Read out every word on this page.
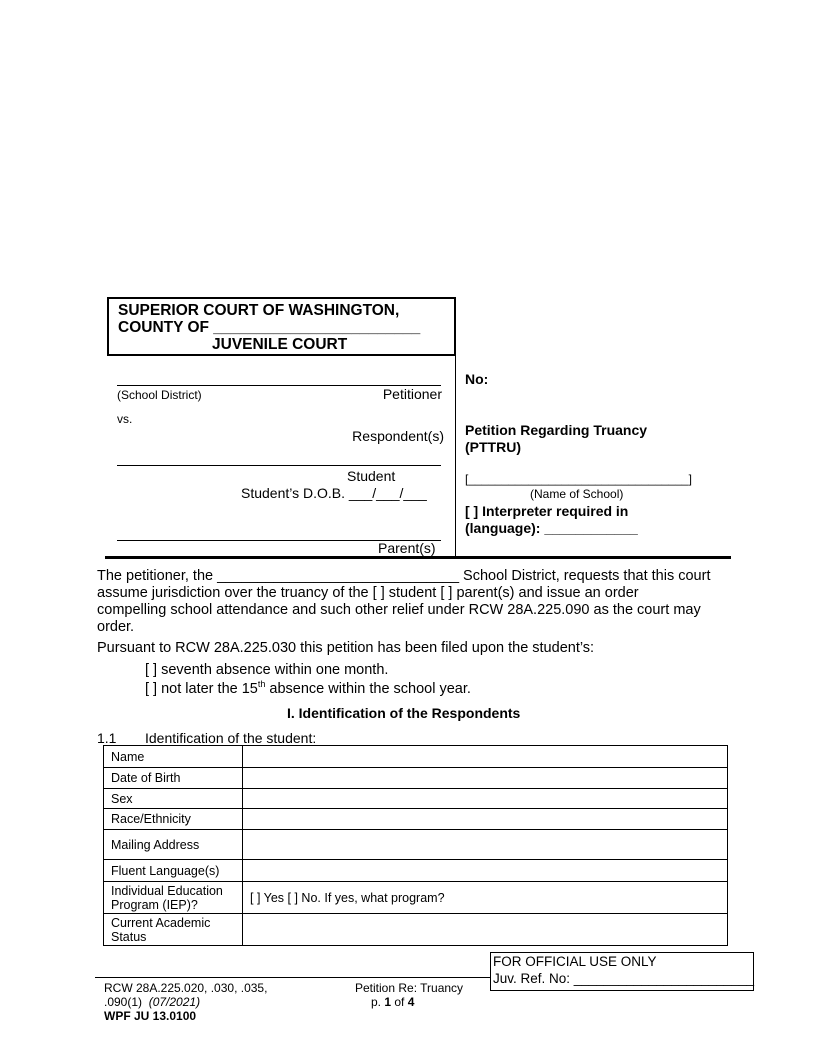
SUPERIOR COURT OF WASHINGTON,
COUNTY OF ________________________
JUVENILE COURT
(School District)	Petitioner
vs.
Respondent(s)
Student
Student’s D.O.B. ___/___/___
Parent(s)
No:
Petition Regarding Truancy
(PTTRU)
[_________________________________]
(Name of School)
[ ] Interpreter required in
(language): ____________
The petitioner, the ______________________________ School District, requests that this court
assume jurisdiction over the truancy of the [ ] student [ ] parent(s) and issue an order
compelling school attendance and such other relief under RCW 28A.225.090 as the court may
order.
Pursuant to RCW 28A.225.030 this petition has been filed upon the student’s:
[ ] seventh absence within one month.
[ ] not later the 15th absence within the school year.
I. Identification of the Respondents
1.1 Identification of the student:
Name	
Date of Birth	
Sex	
Race/Ethnicity	
Mailing Address	
Fluent Language(s)	
Individual Education Program (IEP)?	[ ] Yes [ ] No. If yes, what program?
Current Academic Status	
FOR OFFICIAL USE ONLY
Juv. Ref. No: ________________________
RCW 28A.225.020, .030, .035,
.090(1) (07/2021)
WPF JU 13.0100
Petition Re: Truancy
p. 1 of 4
